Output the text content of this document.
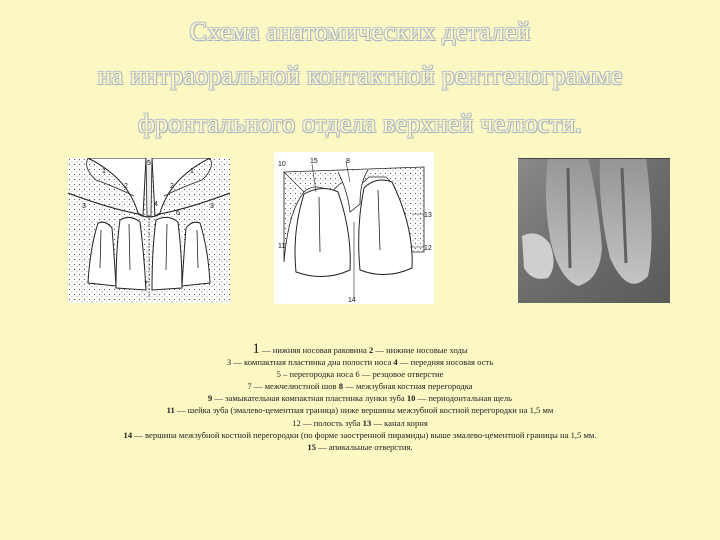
Схема анатомических деталей
на интраоральной контактной рентгенограмме
фронтального отдела верхней челюсти.
5
1
2
1
2
3	4	3
6
7
10	15	8
11
13
12
14

1 — нижняя носовая раковина 2 — нижние носовые ходы

3 — компактная пластинка дна полости носа 4 — передняя носовая ость

5 – перегородка носа 6 — резцовое отверстие

7 — межчелюстной шов 8 — межзубная костная перегородка

9 — замыкательная компактная пластинка лунки зуба 10 — периодонтальная щель

11 — шейка зуба (эмалево-цементная граница) ниже вершины межзубной костной перегородки на 1,5 мм

12 — полость зуба 13 — канал корня

14 — вершина межзубной костной перегородки (по форме заостренной пирамиды) выше эмалево-цементной границы на 1,5 мм.

15 — апикальные отверстия.
